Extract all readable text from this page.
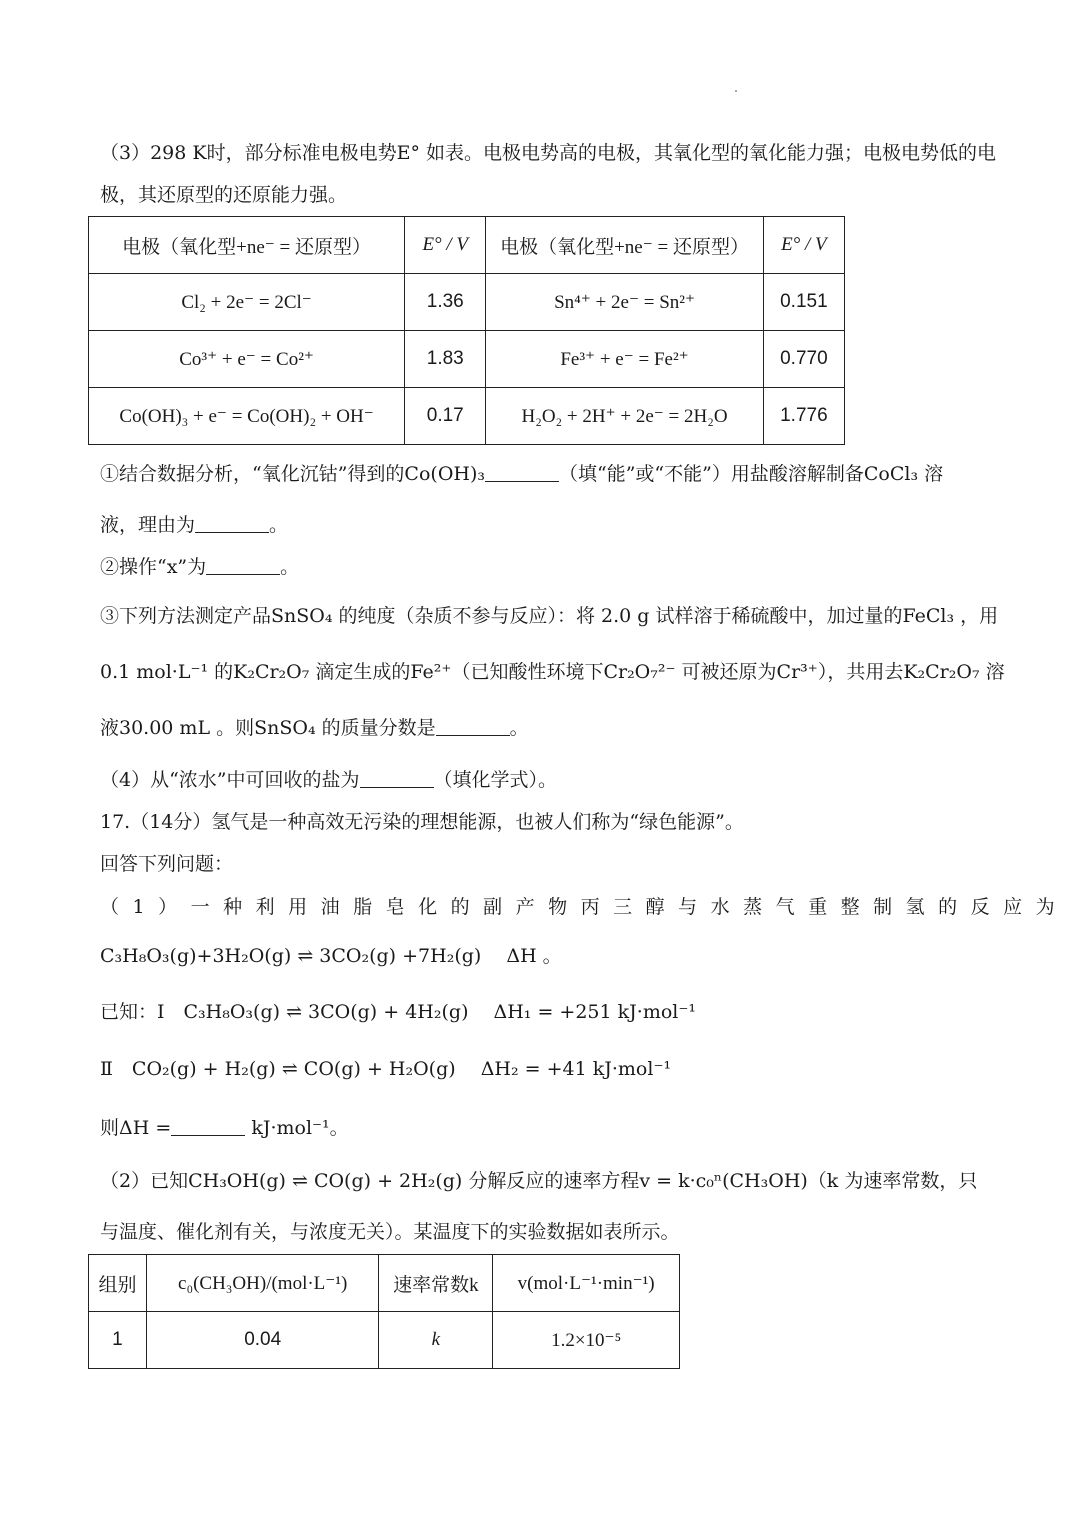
（3）298 K时，部分标准电极电势E° 如表。电极电势高的电极，其氧化型的氧化能力强；电极电势低的电
极，其还原型的还原能力强。
电极（氧化型+ne⁻ = 还原型）	E° / V	电极（氧化型+ne⁻ = 还原型）	E° / V
Cl₂ + 2e⁻ = 2Cl⁻	1.36	Sn⁴⁺ + 2e⁻ = Sn²⁺	0.151
Co³⁺ + e⁻ = Co²⁺	1.83	Fe³⁺ + e⁻ = Fe²⁺	0.770
Co(OH)₃ + e⁻ = Co(OH)₂ + OH⁻	0.17	H₂O₂ + 2H⁺ + 2e⁻ = 2H₂O	1.776
①结合数据分析，“氧化沉钴”得到的Co(OH)₃	（填“能”或“不能”）用盐酸溶解制备CoCl₃ 溶
液，理由为	。
②操作“x”为	。
③下列方法测定产品SnSO₄ 的纯度（杂质不参与反应）：将 2.0 g 试样溶于稀硫酸中，加过量的FeCl₃ ，用
0.1 mol·L⁻¹ 的K₂Cr₂O₇ 滴定生成的Fe²⁺（已知酸性环境下Cr₂O₇²⁻ 可被还原为Cr³⁺），共用去K₂Cr₂O₇ 溶
液30.00 mL 。则SnSO₄ 的质量分数是	。
（4）从“浓水”中可回收的盐为	（填化学式）。
17.（14分）氢气是一种高效无污染的理想能源，也被人们称为“绿色能源”。
回答下列问题：
（1）一种利用油脂皂化的副产物丙三醇与水蒸气重整制氢的反应为
C₃H₈O₃(g)+3H₂O(g) ⇌ 3CO₂(g) +7H₂(g)　 ΔH 。
已知：Ⅰ　C₃H₈O₃(g) ⇌ 3CO(g) + 4H₂(g)　 ΔH₁ = +251 kJ·mol⁻¹
Ⅱ　CO₂(g) + H₂(g) ⇌ CO(g) + H₂O(g)　 ΔH₂ = +41 kJ·mol⁻¹
则ΔH =	kJ·mol⁻¹。
（2）已知CH₃OH(g) ⇌ CO(g) + 2H₂(g) 分解反应的速率方程v = k·c₀ⁿ(CH₃OH)（k 为速率常数，只
与温度、催化剂有关，与浓度无关）。某温度下的实验数据如表所示。
组别	c₀(CH₃OH)/(mol·L⁻¹)	速率常数k	v(mol·L⁻¹·min⁻¹)
1	0.04	k	1.2×10⁻⁵
